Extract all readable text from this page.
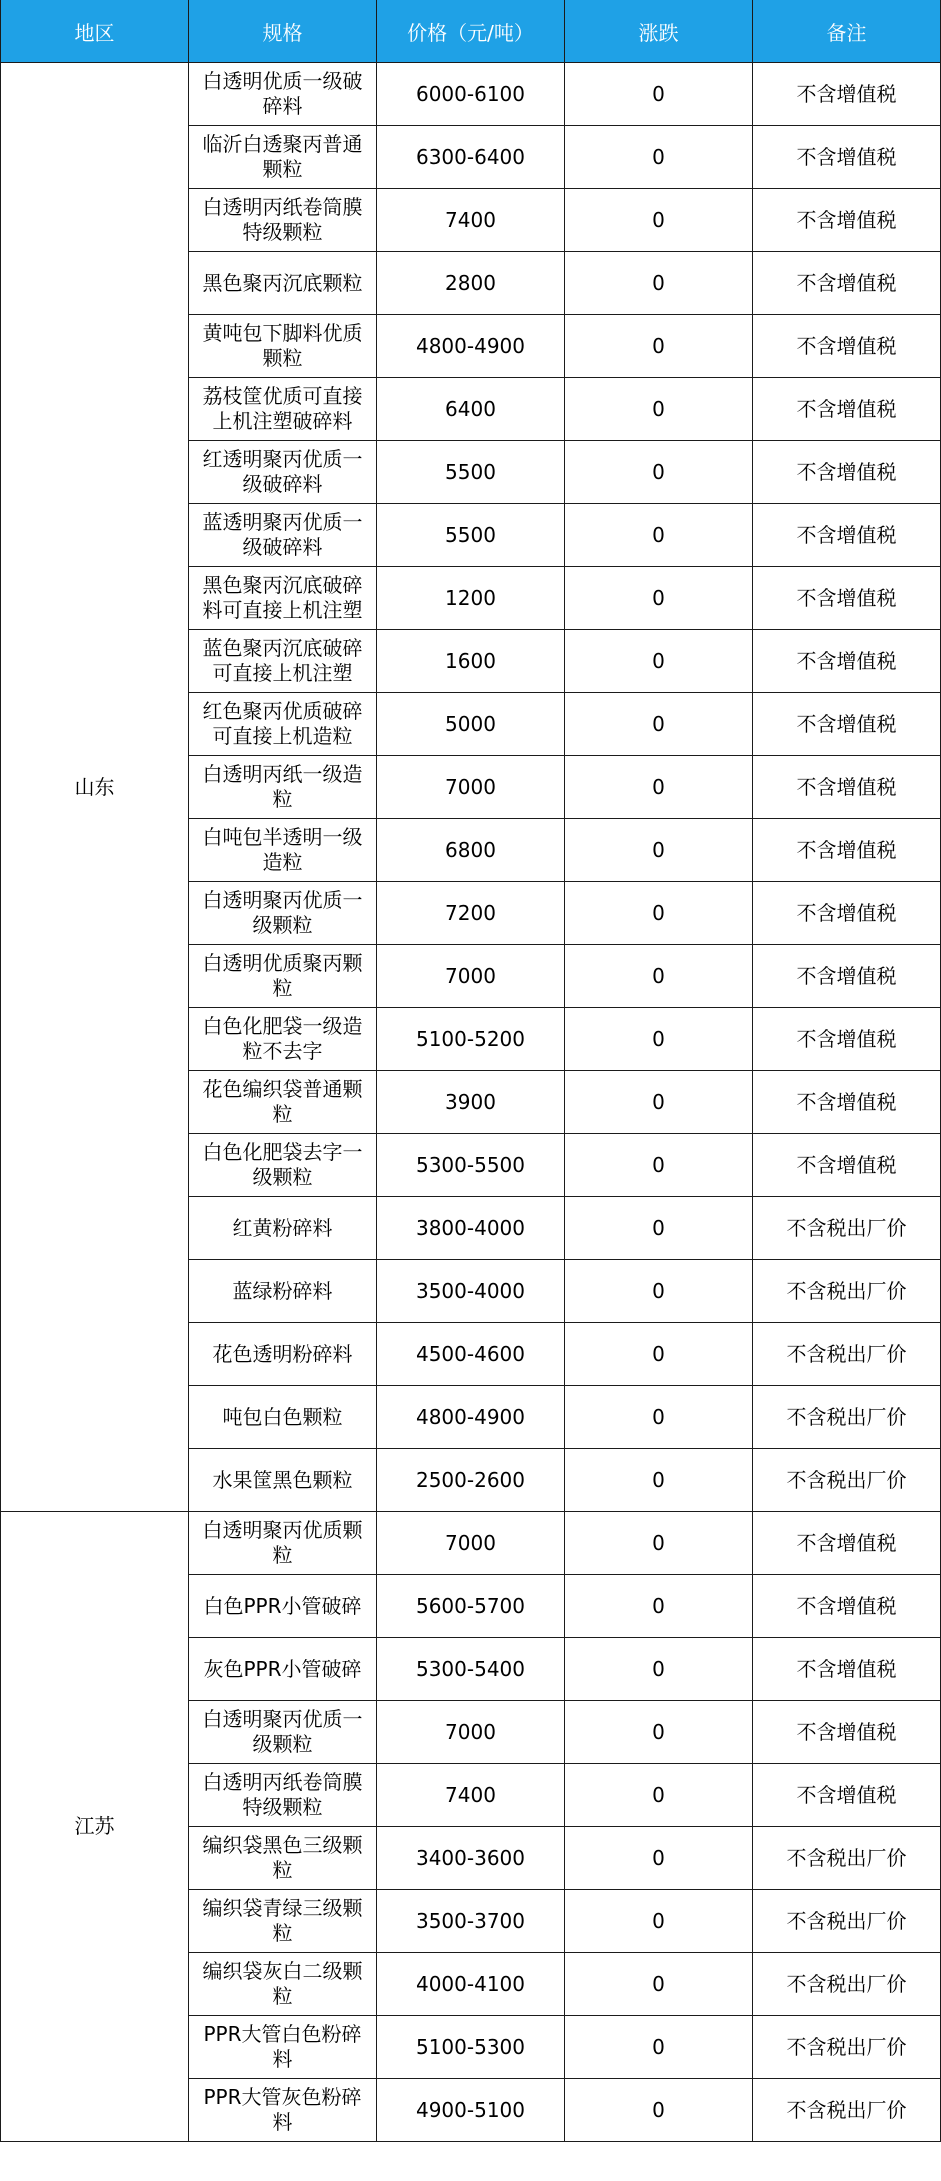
地区	规格	价格（元/吨）	涨跌	备注
山东	白透明优质一级破碎料	6000-6100	0	不含增值税
	临沂白透聚丙普通颗粒	6300-6400	0	不含增值税
	白透明丙纸卷筒膜特级颗粒	7400	0	不含增值税
	黑色聚丙沉底颗粒	2800	0	不含增值税
	黄吨包下脚料优质颗粒	4800-4900	0	不含增值税
	荔枝筐优质可直接上机注塑破碎料	6400	0	不含增值税
	红透明聚丙优质一级破碎料	5500	0	不含增值税
	蓝透明聚丙优质一级破碎料	5500	0	不含增值税
	黑色聚丙沉底破碎料可直接上机注塑	1200	0	不含增值税
	蓝色聚丙沉底破碎可直接上机注塑	1600	0	不含增值税
	红色聚丙优质破碎可直接上机造粒	5000	0	不含增值税
	白透明丙纸一级造粒	7000	0	不含增值税
	白吨包半透明一级造粒	6800	0	不含增值税
	白透明聚丙优质一级颗粒	7200	0	不含增值税
	白透明优质聚丙颗粒	7000	0	不含增值税
	白色化肥袋一级造粒不去字	5100-5200	0	不含增值税
	花色编织袋普通颗粒	3900	0	不含增值税
	白色化肥袋去字一级颗粒	5300-5500	0	不含增值税
	红黄粉碎料	3800-4000	0	不含税出厂价
	蓝绿粉碎料	3500-4000	0	不含税出厂价
	花色透明粉碎料	4500-4600	0	不含税出厂价
	吨包白色颗粒	4800-4900	0	不含税出厂价
	水果筐黑色颗粒	2500-2600	0	不含税出厂价
江苏	白透明聚丙优质颗粒	7000	0	不含增值税
	白色PPR小管破碎	5600-5700	0	不含增值税
	灰色PPR小管破碎	5300-5400	0	不含增值税
	白透明聚丙优质一级颗粒	7000	0	不含增值税
	白透明丙纸卷筒膜特级颗粒	7400	0	不含增值税
	编织袋黑色三级颗粒	3400-3600	0	不含税出厂价
	编织袋青绿三级颗粒	3500-3700	0	不含税出厂价
	编织袋灰白二级颗粒	4000-4100	0	不含税出厂价
	PPR大管白色粉碎料	5100-5300	0	不含税出厂价
	PPR大管灰色粉碎料	4900-5100	0	不含税出厂价
